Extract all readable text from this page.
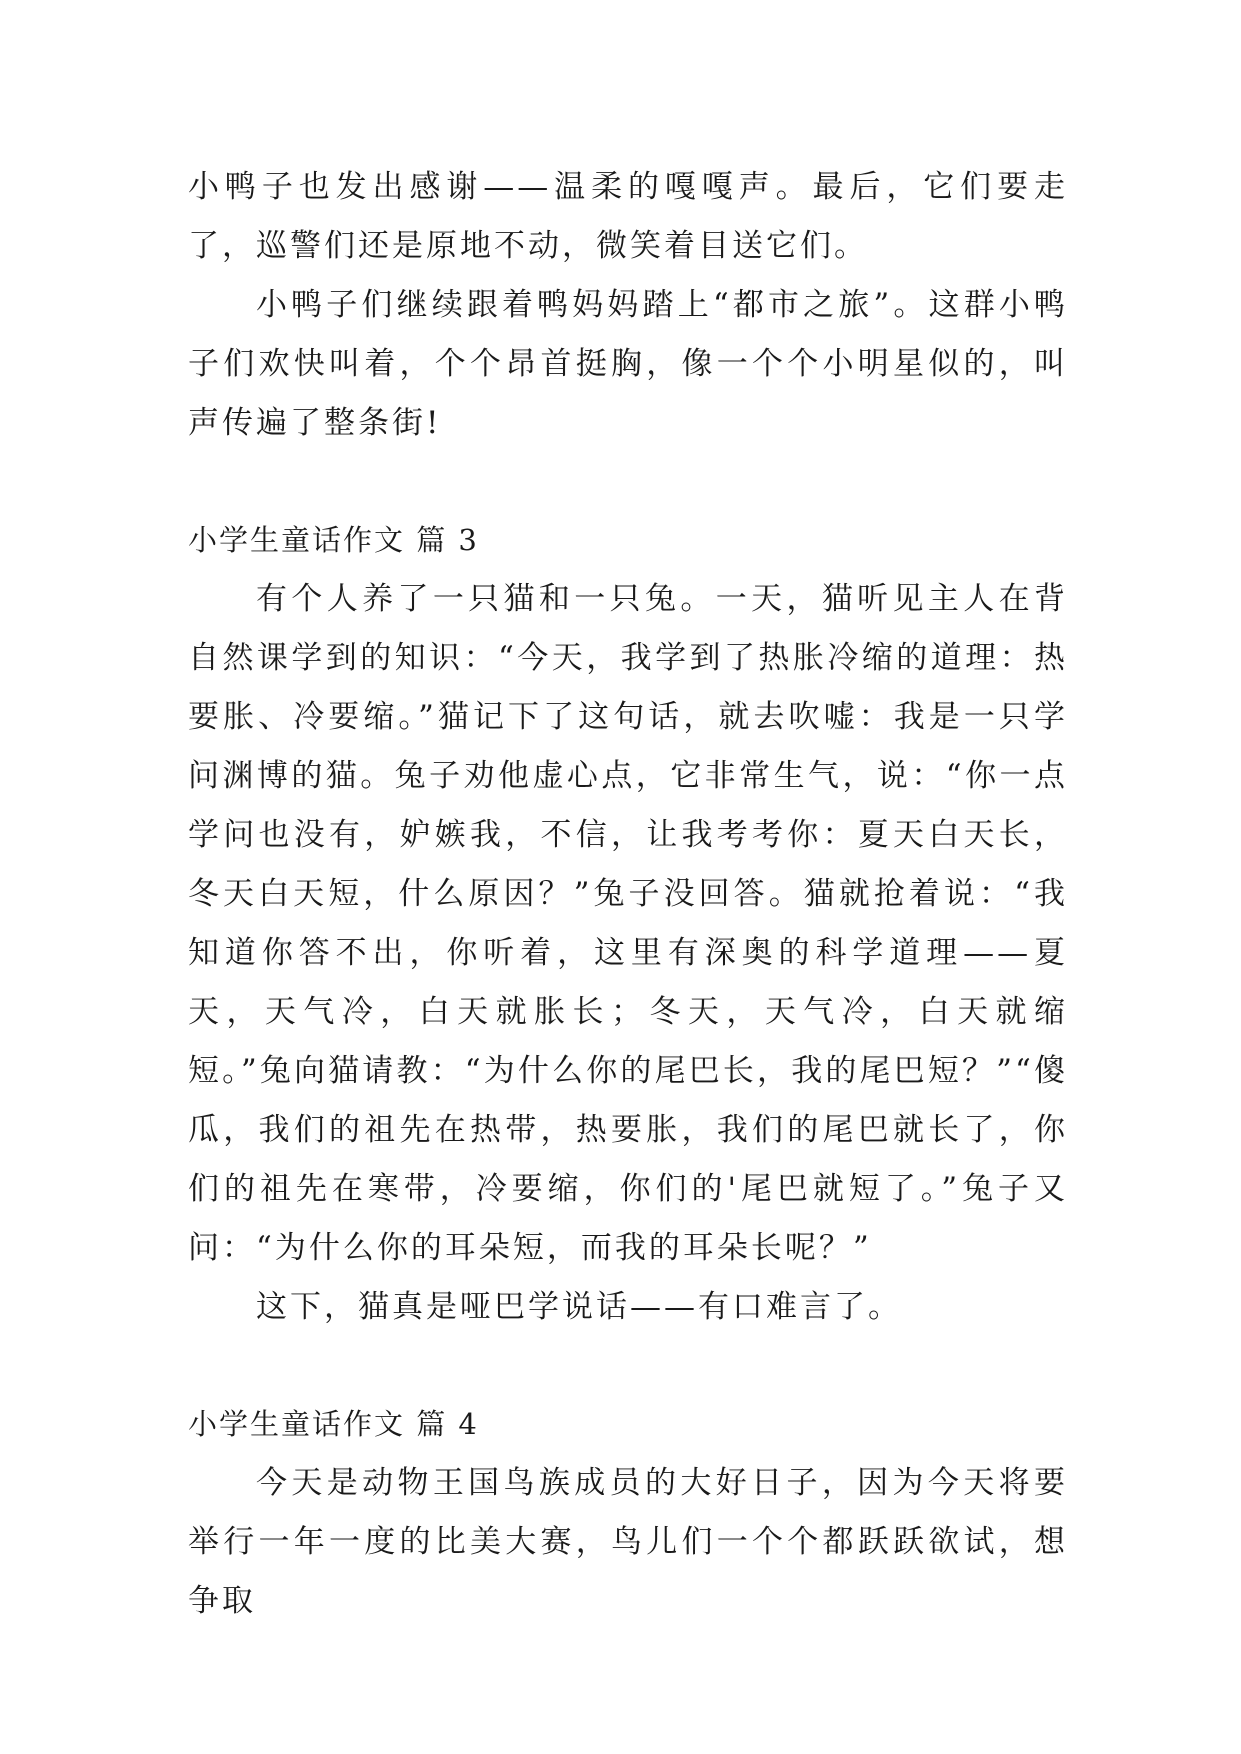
小鸭子也发出感谢——温柔的嘎嘎声。最后，它们要走了，巡警们还是原地不动，微笑着目送它们。

小鸭子们继续跟着鸭妈妈踏上“都市之旅”。这群小鸭子们欢快叫着，个个昂首挺胸，像一个个小明星似的，叫声传遍了整条街!

小学生童话作文 篇 3

有个人养了一只猫和一只兔。一天，猫听见主人在背自然课学到的知识：“今天，我学到了热胀冷缩的道理：热要胀、冷要缩。”猫记下了这句话，就去吹嘘：我是一只学问渊博的猫。兔子劝他虚心点，它非常生气，说：“你一点学问也没有，妒嫉我，不信，让我考考你：夏天白天长，冬天白天短，什么原因？”兔子没回答。猫就抢着说：“我知道你答不出，你听着，这里有深奥的科学道理——夏天，天气冷，白天就胀长；冬天，天气冷，白天就缩短。”兔向猫请教：“为什么你的尾巴长，我的尾巴短？”“傻瓜，我们的祖先在热带，热要胀，我们的尾巴就长了，你们的祖先在寒带，冷要缩，你们的'尾巴就短了。”兔子又问：“为什么你的耳朵短，而我的耳朵长呢？”

这下，猫真是哑巴学说话——有口难言了。

小学生童话作文 篇 4

今天是动物王国鸟族成员的大好日子，因为今天将要举行一年一度的比美大赛，鸟儿们一个个都跃跃欲试，想争取
